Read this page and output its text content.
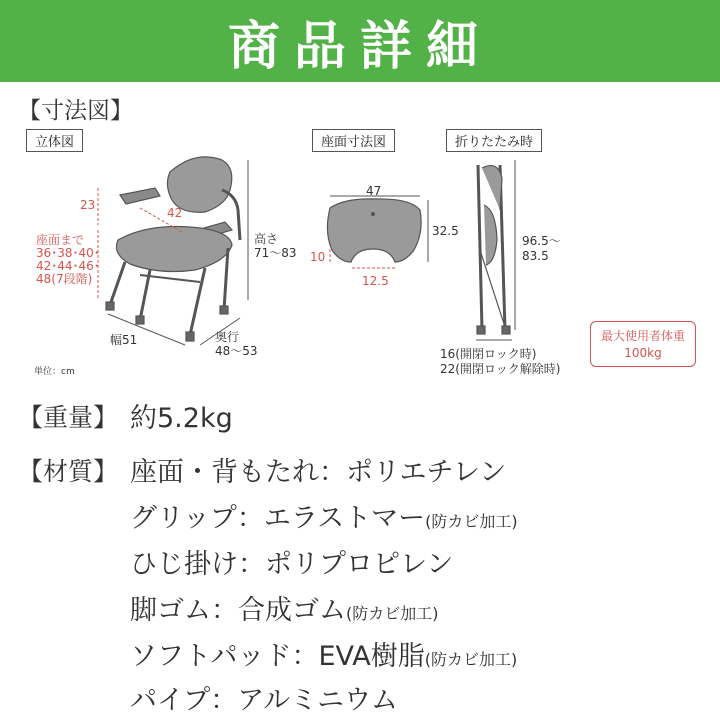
商品詳細
【寸法図】
立体図	座面寸法図	折りたたみ時
23
42
座面まで
36･38･40･
42･44･46･
48(7段階)
高さ
71～83
幅51	奥行
48～53
単位：cm
47
32.5
10
12.5
96.5～
83.5
16(開閉ロック時)
22(開閉ロック解除時)
最大使用者体重
100kg
【重量】 約5.2kg
【材質】 座面・背もたれ：ポリエチレン
グリップ：エラストマー(防カビ加工)
ひじ掛け：ポリプロピレン
脚ゴム：合成ゴム(防カビ加工)
ソフトパッド：EVA樹脂(防カビ加工)
パイプ：アルミニウム
